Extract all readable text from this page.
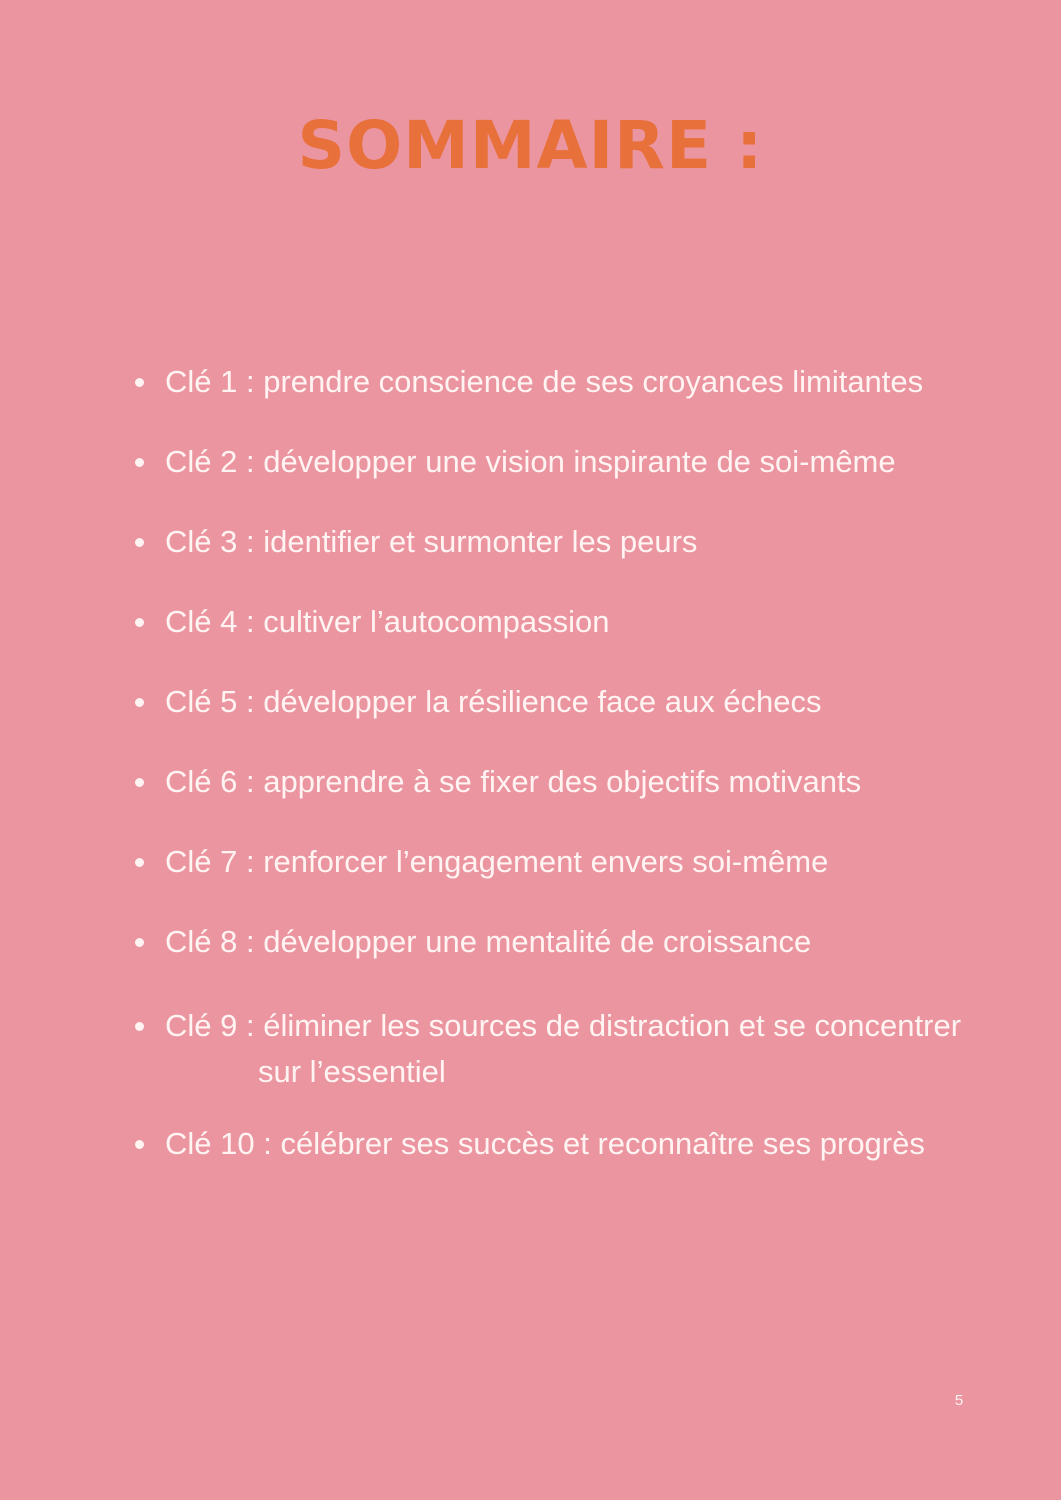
SOMMAIRE :
Clé 1 : prendre conscience de ses croyances limitantes
Clé 2 : développer une vision inspirante de soi-même
Clé 3 : identifier et surmonter les peurs
Clé 4 : cultiver l’autocompassion
Clé 5 : développer la résilience face aux échecs
Clé 6 : apprendre à se fixer des objectifs motivants
Clé 7 : renforcer l’engagement envers soi-même
Clé 8 : développer une mentalité de croissance
Clé 9 : éliminer les sources de distraction et se concentrer
sur l’essentiel
Clé 10 : célébrer ses succès et reconnaître ses progrès
5
